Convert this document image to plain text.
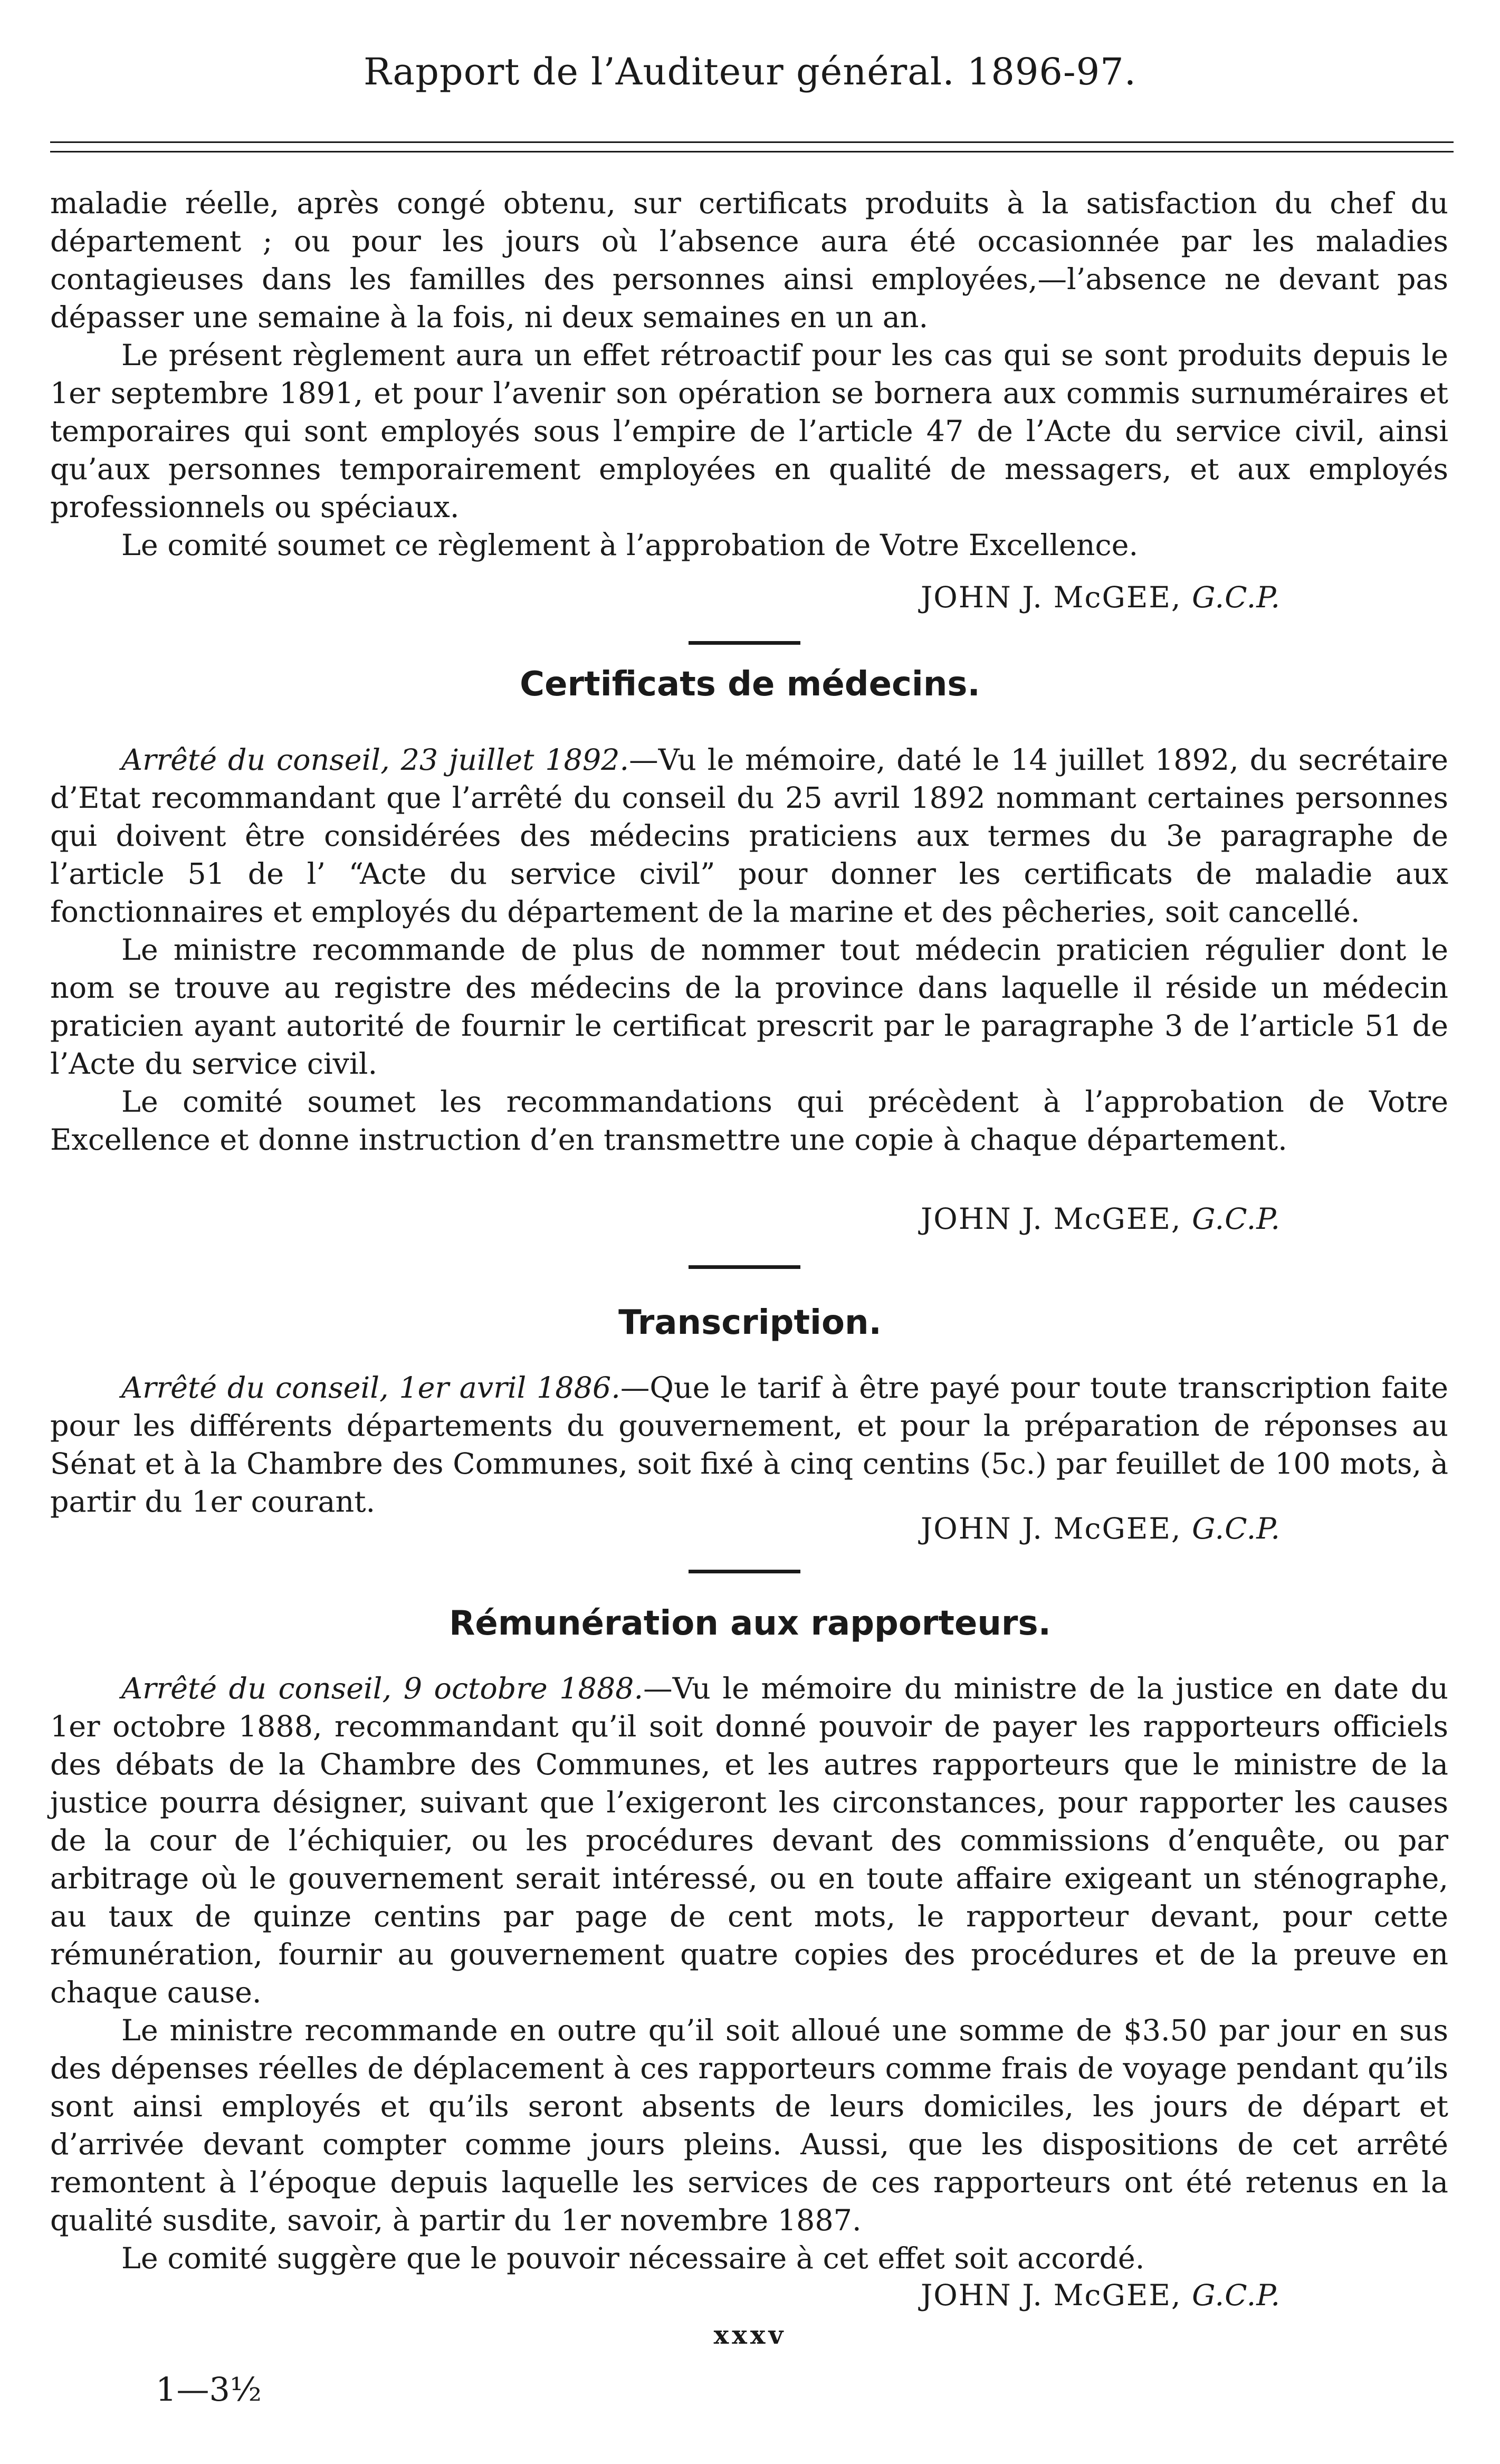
Rapport de l’Auditeur général. 1896-97.

maladie réelle, après congé obtenu, sur certificats produits à la satisfaction du chef du département ; ou pour les jours où l’absence aura été occasionnée par les maladies contagieuses dans les familles des personnes ainsi employées,—l’absence ne devant pas dépasser une semaine à la fois, ni deux semaines en un an.

Le présent règlement aura un effet rétroactif pour les cas qui se sont produits depuis le 1er septembre 1891, et pour l’avenir son opération se bornera aux commis surnuméraires et temporaires qui sont employés sous l’empire de l’article 47 de l’Acte du service civil, ainsi qu’aux personnes temporairement employées en qualité de messagers, et aux employés professionnels ou spéciaux.

Le comité soumet ce règlement à l’approbation de Votre Excellence.

JOHN J. McGEE, G.C.P.
Certificats de médecins.

Arrêté du conseil, 23 juillet 1892.—Vu le mémoire, daté le 14 juillet 1892, du secrétaire d’Etat recommandant que l’arrêté du conseil du 25 avril 1892 nommant certaines personnes qui doivent être considérées des médecins praticiens aux termes du 3e paragraphe de l’article 51 de l’ “Acte du service civil” pour donner les certificats de maladie aux fonctionnaires et employés du département de la marine et des pêcheries, soit cancellé.

Le ministre recommande de plus de nommer tout médecin praticien régulier dont le nom se trouve au registre des médecins de la province dans laquelle il réside un médecin praticien ayant autorité de fournir le certificat prescrit par le paragraphe 3 de l’article 51 de l’Acte du service civil.

Le comité soumet les recommandations qui précèdent à l’approbation de Votre Excellence et donne instruction d’en transmettre une copie à chaque département.

JOHN J. McGEE, G.C.P.
Transcription.

Arrêté du conseil, 1er avril 1886.—Que le tarif à être payé pour toute transcription faite pour les différents départements du gouvernement, et pour la préparation de réponses au Sénat et à la Chambre des Communes, soit fixé à cinq centins (5c.) par feuillet de 100 mots, à partir du 1er courant.

JOHN J. McGEE, G.C.P.
Rémunération aux rapporteurs.

Arrêté du conseil, 9 octobre 1888.—Vu le mémoire du ministre de la justice en date du 1er octobre 1888, recommandant qu’il soit donné pouvoir de payer les rapporteurs officiels des débats de la Chambre des Communes, et les autres rapporteurs que le ministre de la justice pourra désigner, suivant que l’exigeront les circonstances, pour rapporter les causes de la cour de l’échiquier, ou les procédures devant des commissions d’enquête, ou par arbitrage où le gouvernement serait intéressé, ou en toute affaire exigeant un sténographe, au taux de quinze centins par page de cent mots, le rapporteur devant, pour cette rémunération, fournir au gouvernement quatre copies des procédures et de la preuve en chaque cause.

Le ministre recommande en outre qu’il soit alloué une somme de $3.50 par jour en sus des dépenses réelles de déplacement à ces rapporteurs comme frais de voyage pendant qu’ils sont ainsi employés et qu’ils seront absents de leurs domiciles, les jours de départ et d’arrivée devant compter comme jours pleins. Aussi, que les dispositions de cet arrêté remontent à l’époque depuis laquelle les services de ces rapporteurs ont été retenus en la qualité susdite, savoir, à partir du 1er novembre 1887.

Le comité suggère que le pouvoir nécessaire à cet effet soit accordé.

JOHN J. McGEE, G.C.P.
xxxv
1—3½
